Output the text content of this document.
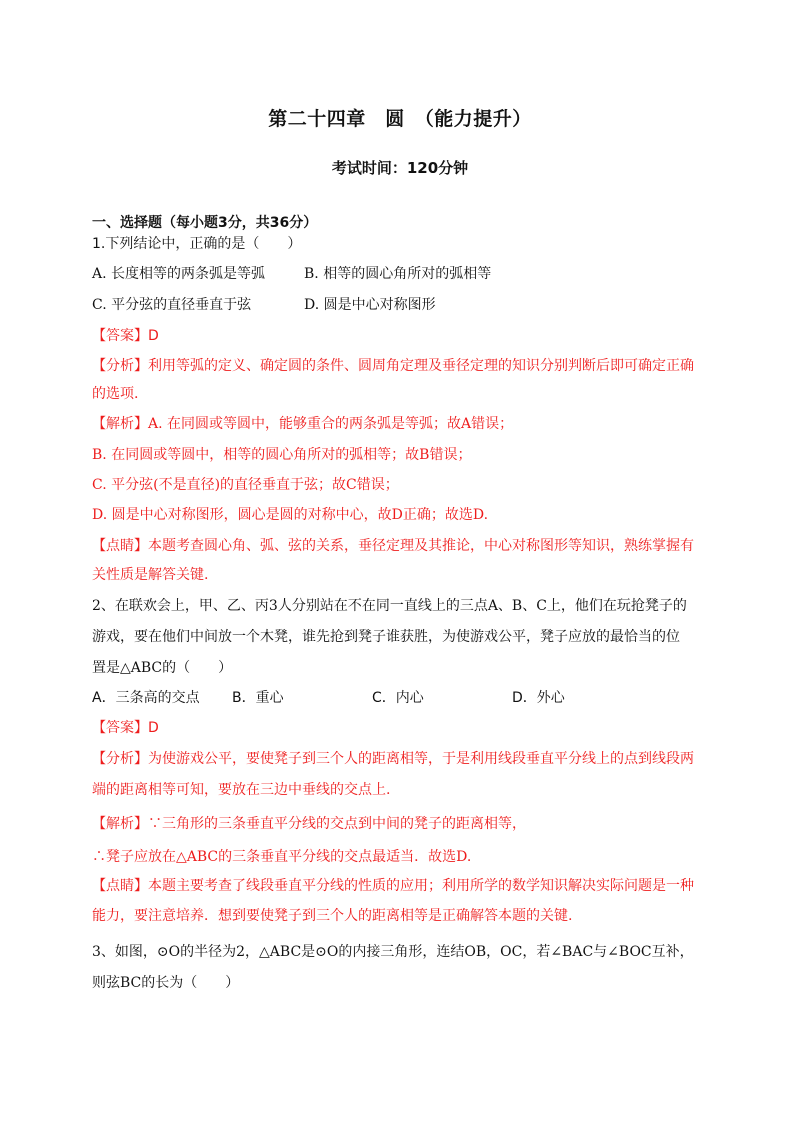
第二十四章　圆　（能力提升）
考试时间：120分钟
一、选择题（每小题3分，共36分）
1.下列结论中，正确的是（　　）
A. 长度相等的两条弧是等弧	B. 相等的圆心角所对的弧相等
C. 平分弦的直径垂直于弦	D. 圆是中心对称图形
【答案】D
【分析】利用等弧的定义、确定圆的条件、圆周角定理及垂径定理的知识分别判断后即可确定正确
的选项.
【解析】A. 在同圆或等圆中，能够重合的两条弧是等弧；故A错误；
B. 在同圆或等圆中，相等的圆心角所对的弧相等；故B错误；
C. 平分弦(不是直径)的直径垂直于弦；故C错误；
D. 圆是中心对称图形，圆心是圆的对称中心，故D正确；故选D.
【点睛】本题考查圆心角、弧、弦的关系，垂径定理及其推论，中心对称图形等知识，熟练掌握有
关性质是解答关键.
2、在联欢会上，甲、乙、丙3人分别站在不在同一直线上的三点A、B、C上，他们在玩抢凳子的
游戏，要在他们中间放一个木凳，谁先抢到凳子谁获胜，为使游戏公平，凳子应放的最恰当的位
置是△ABC的（　　）
A．三条高的交点 B．重心	C．内心	D．外心
【答案】D
【分析】为使游戏公平，要使凳子到三个人的距离相等，于是利用线段垂直平分线上的点到线段两
端的距离相等可知，要放在三边中垂线的交点上.
【解析】∵三角形的三条垂直平分线的交点到中间的凳子的距离相等，
∴凳子应放在△ABC的三条垂直平分线的交点最适当．故选D.
【点睛】本题主要考查了线段垂直平分线的性质的应用；利用所学的数学知识解决实际问题是一种
能力，要注意培养．想到要使凳子到三个人的距离相等是正确解答本题的关键.
3、如图，⊙O的半径为2，△ABC是⊙O的内接三角形，连结OB，OC，若∠BAC与∠BOC互补，
则弦BC的长为（　　）
